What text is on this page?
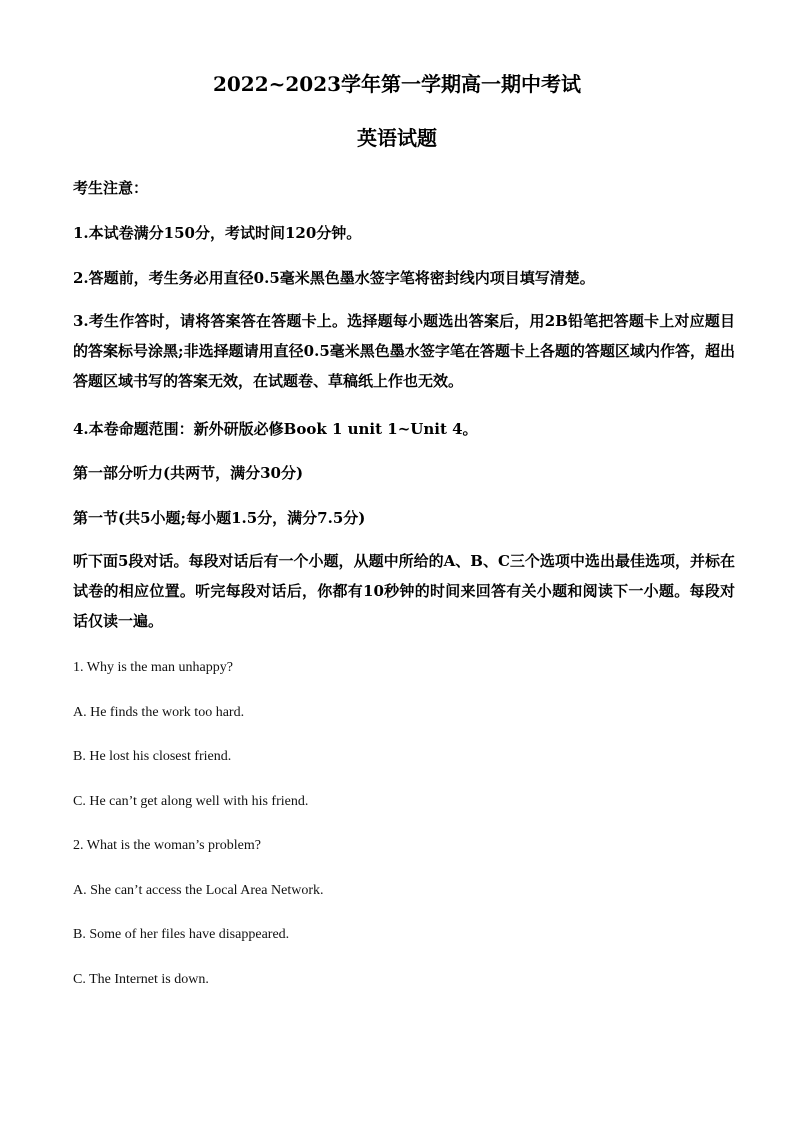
2022~2023学年第一学期高一期中考试
英语试题
考生注意：
1.本试卷满分150分，考试时间120分钟。
2.答题前，考生务必用直径0.5毫米黑色墨水签字笔将密封线内项目填写清楚。
3.考生作答时，请将答案答在答题卡上。选择题每小题选出答案后，用2B铅笔把答题卡上对应题目的答案标号涂黑;非选择题请用直径0.5毫米黑色墨水签字笔在答题卡上各题的答题区域内作答，超出答题区域书写的答案无效，在试题卷、草稿纸上作也无效。
4.本卷命题范围：新外研版必修Book 1 unit 1~Unit 4。
第一部分听力(共两节，满分30分)
第一节(共5小题;每小题1.5分，满分7.5分)
听下面5段对话。每段对话后有一个小题，从题中所给的A、B、C三个选项中选出最佳选项，并标在试卷的相应位置。听完每段对话后，你都有10秒钟的时间来回答有关小题和阅读下一小题。每段对话仅读一遍。
1. Why is the man unhappy?
A. He finds the work too hard.
B. He lost his closest friend.
C. He can’t get along well with his friend.
2. What is the woman’s problem?
A. She can’t access the Local Area Network.
B. Some of her files have disappeared.
C. The Internet is down.
